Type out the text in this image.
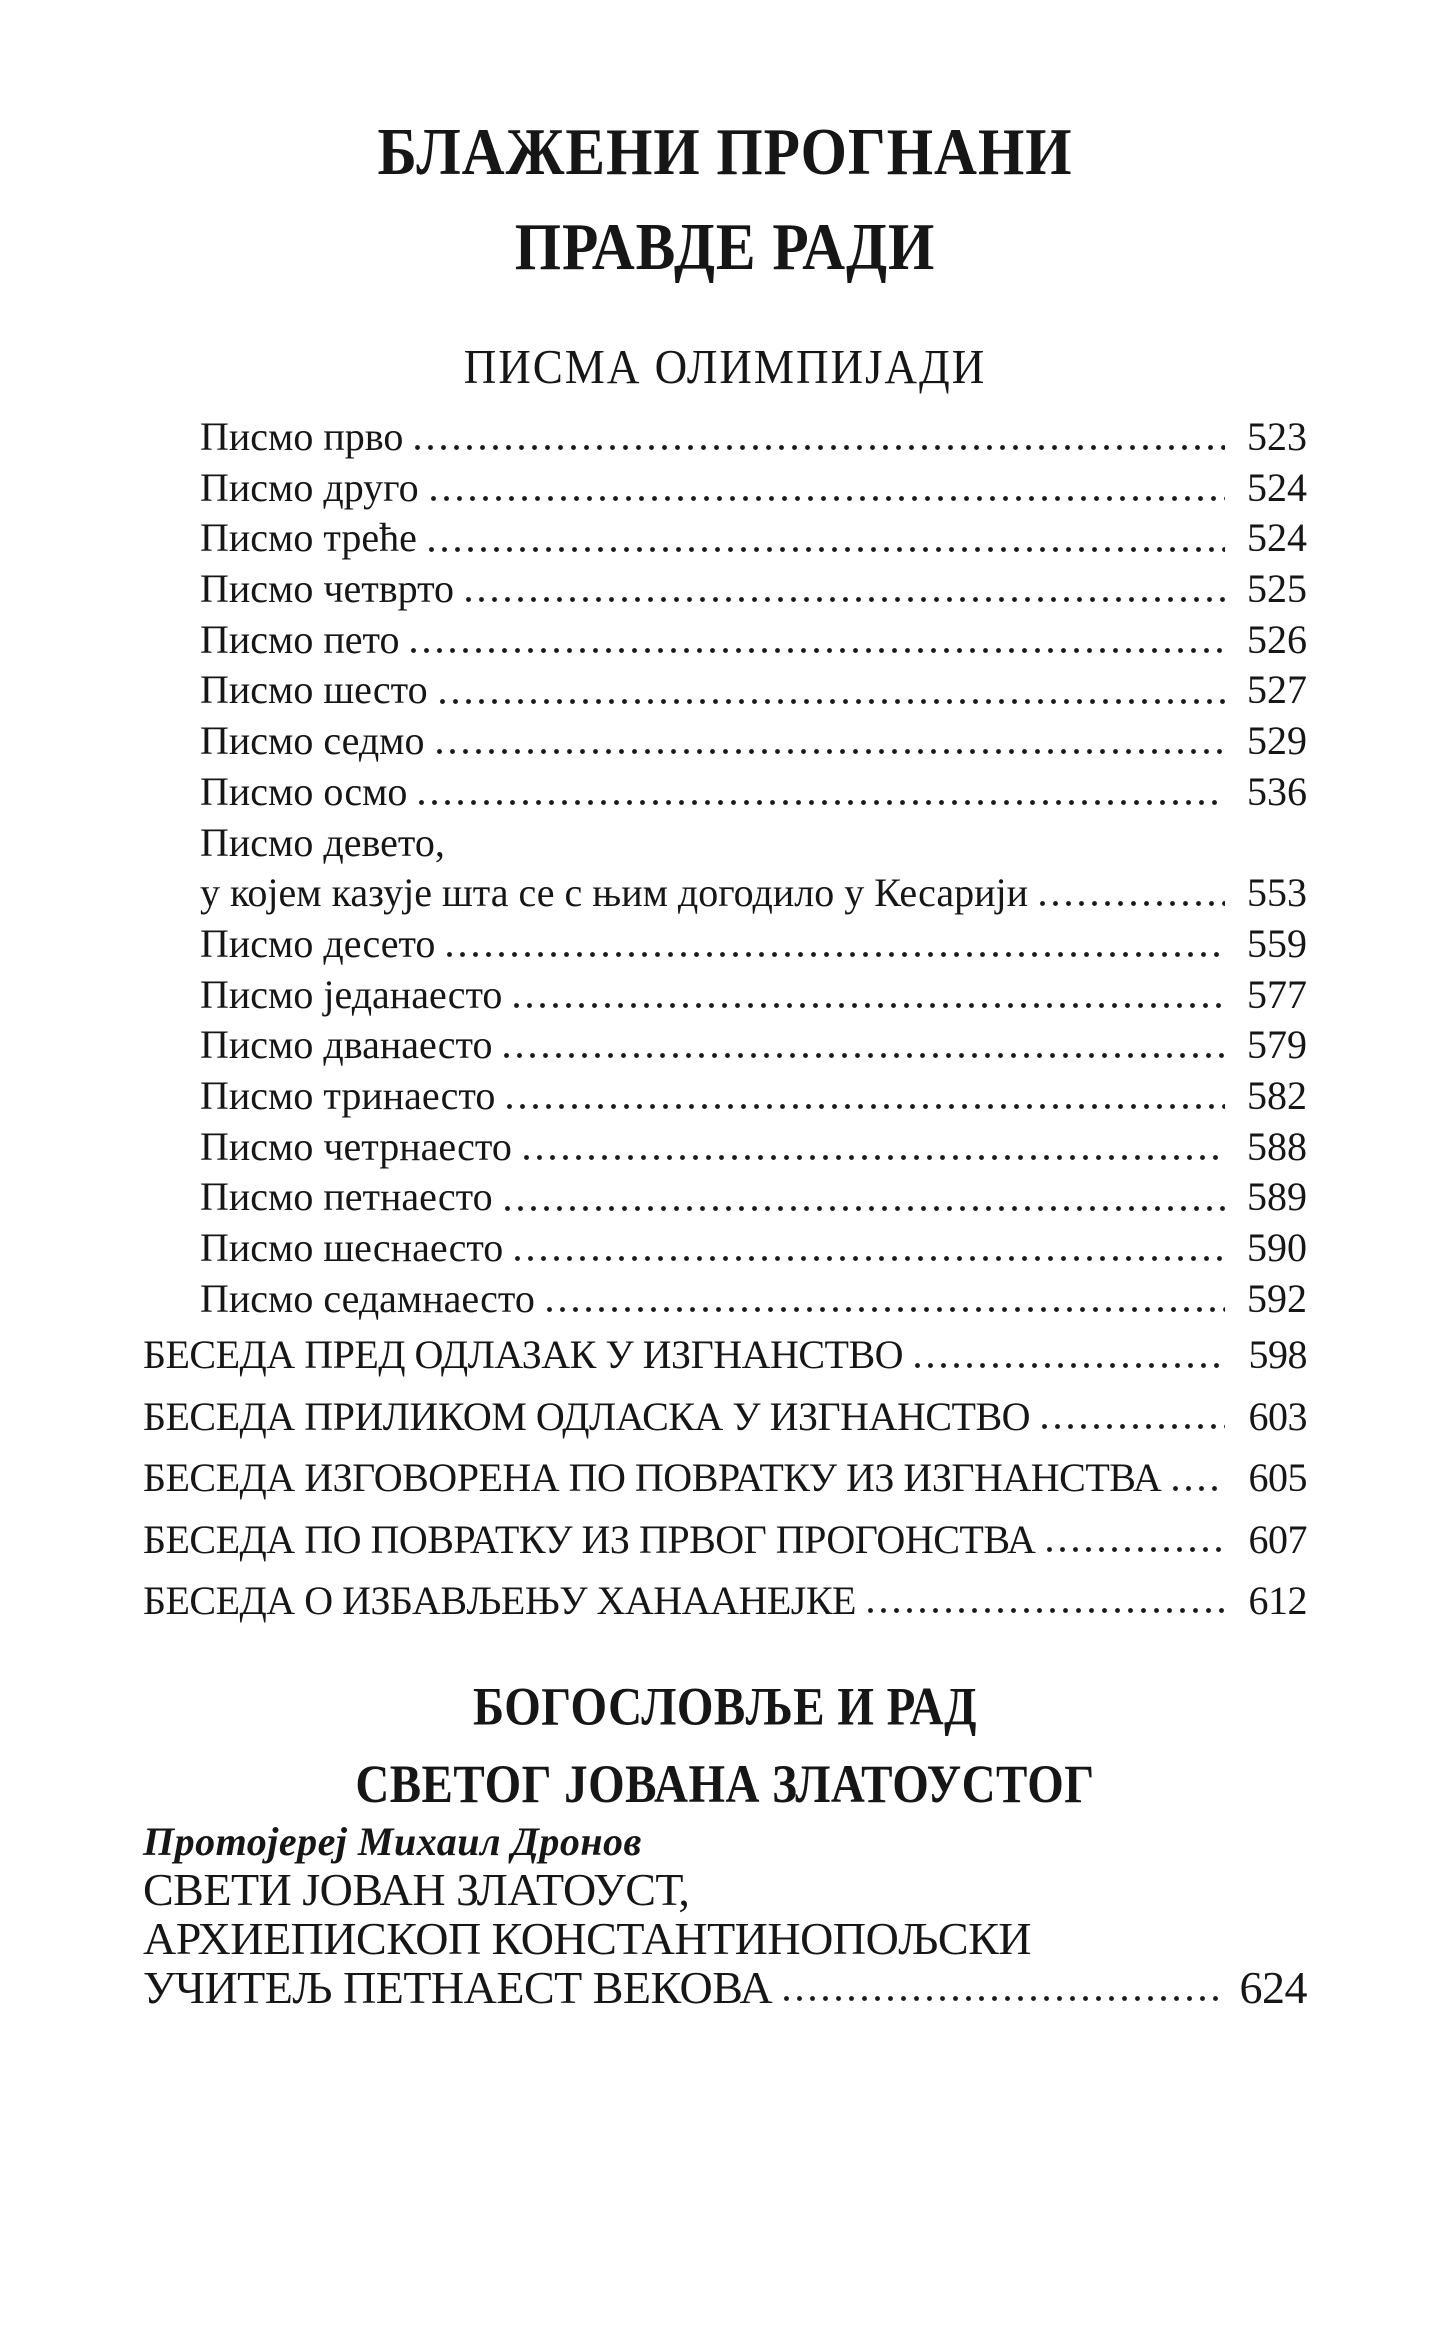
БЛАЖЕНИ ПРОГНАНИ
ПРАВДЕ РАДИ
ПИСМА ОЛИМПИЈАДИ
Писмо прво	523
Писмо друго	524
Писмо треће	524
Писмо четврто	525
Писмо пето	526
Писмо шесто	527
Писмо седмо	529
Писмо осмо	536
Писмо девето,
у којем казује шта се с њим догодило у Кесарији	553
Писмо десето	559
Писмо једанаесто	577
Писмо дванаесто	579
Писмо тринаесто	582
Писмо четрнаесто	588
Писмо петнаесто	589
Писмо шеснаесто	590
Писмо седамнаесто	592
БЕСЕДА ПРЕД ОДЛАЗАК У ИЗГНАНСТВО	598
БЕСЕДА ПРИЛИКОМ ОДЛАСКА У ИЗГНАНСТВО	603
БЕСЕДА ИЗГОВОРЕНА ПО ПОВРАТКУ ИЗ ИЗГНАНСТВА	605
БЕСЕДА ПО ПОВРАТКУ ИЗ ПРВОГ ПРОГОНСТВА	607
БЕСЕДА О ИЗБАВЉЕЊУ ХАНААНЕЈКЕ	612
БОГОСЛОВЉЕ И РАД
СВЕТОГ ЈОВАНА ЗЛАТОУСТОГ
Протојереј Михаил Дронов
СВЕТИ ЈОВАН ЗЛАТОУСТ,
АРХИЕПИСКОП КОНСТАНТИНОПОЉСКИ
УЧИТЕЉ ПЕТНАЕСТ ВЕКОВА	624
